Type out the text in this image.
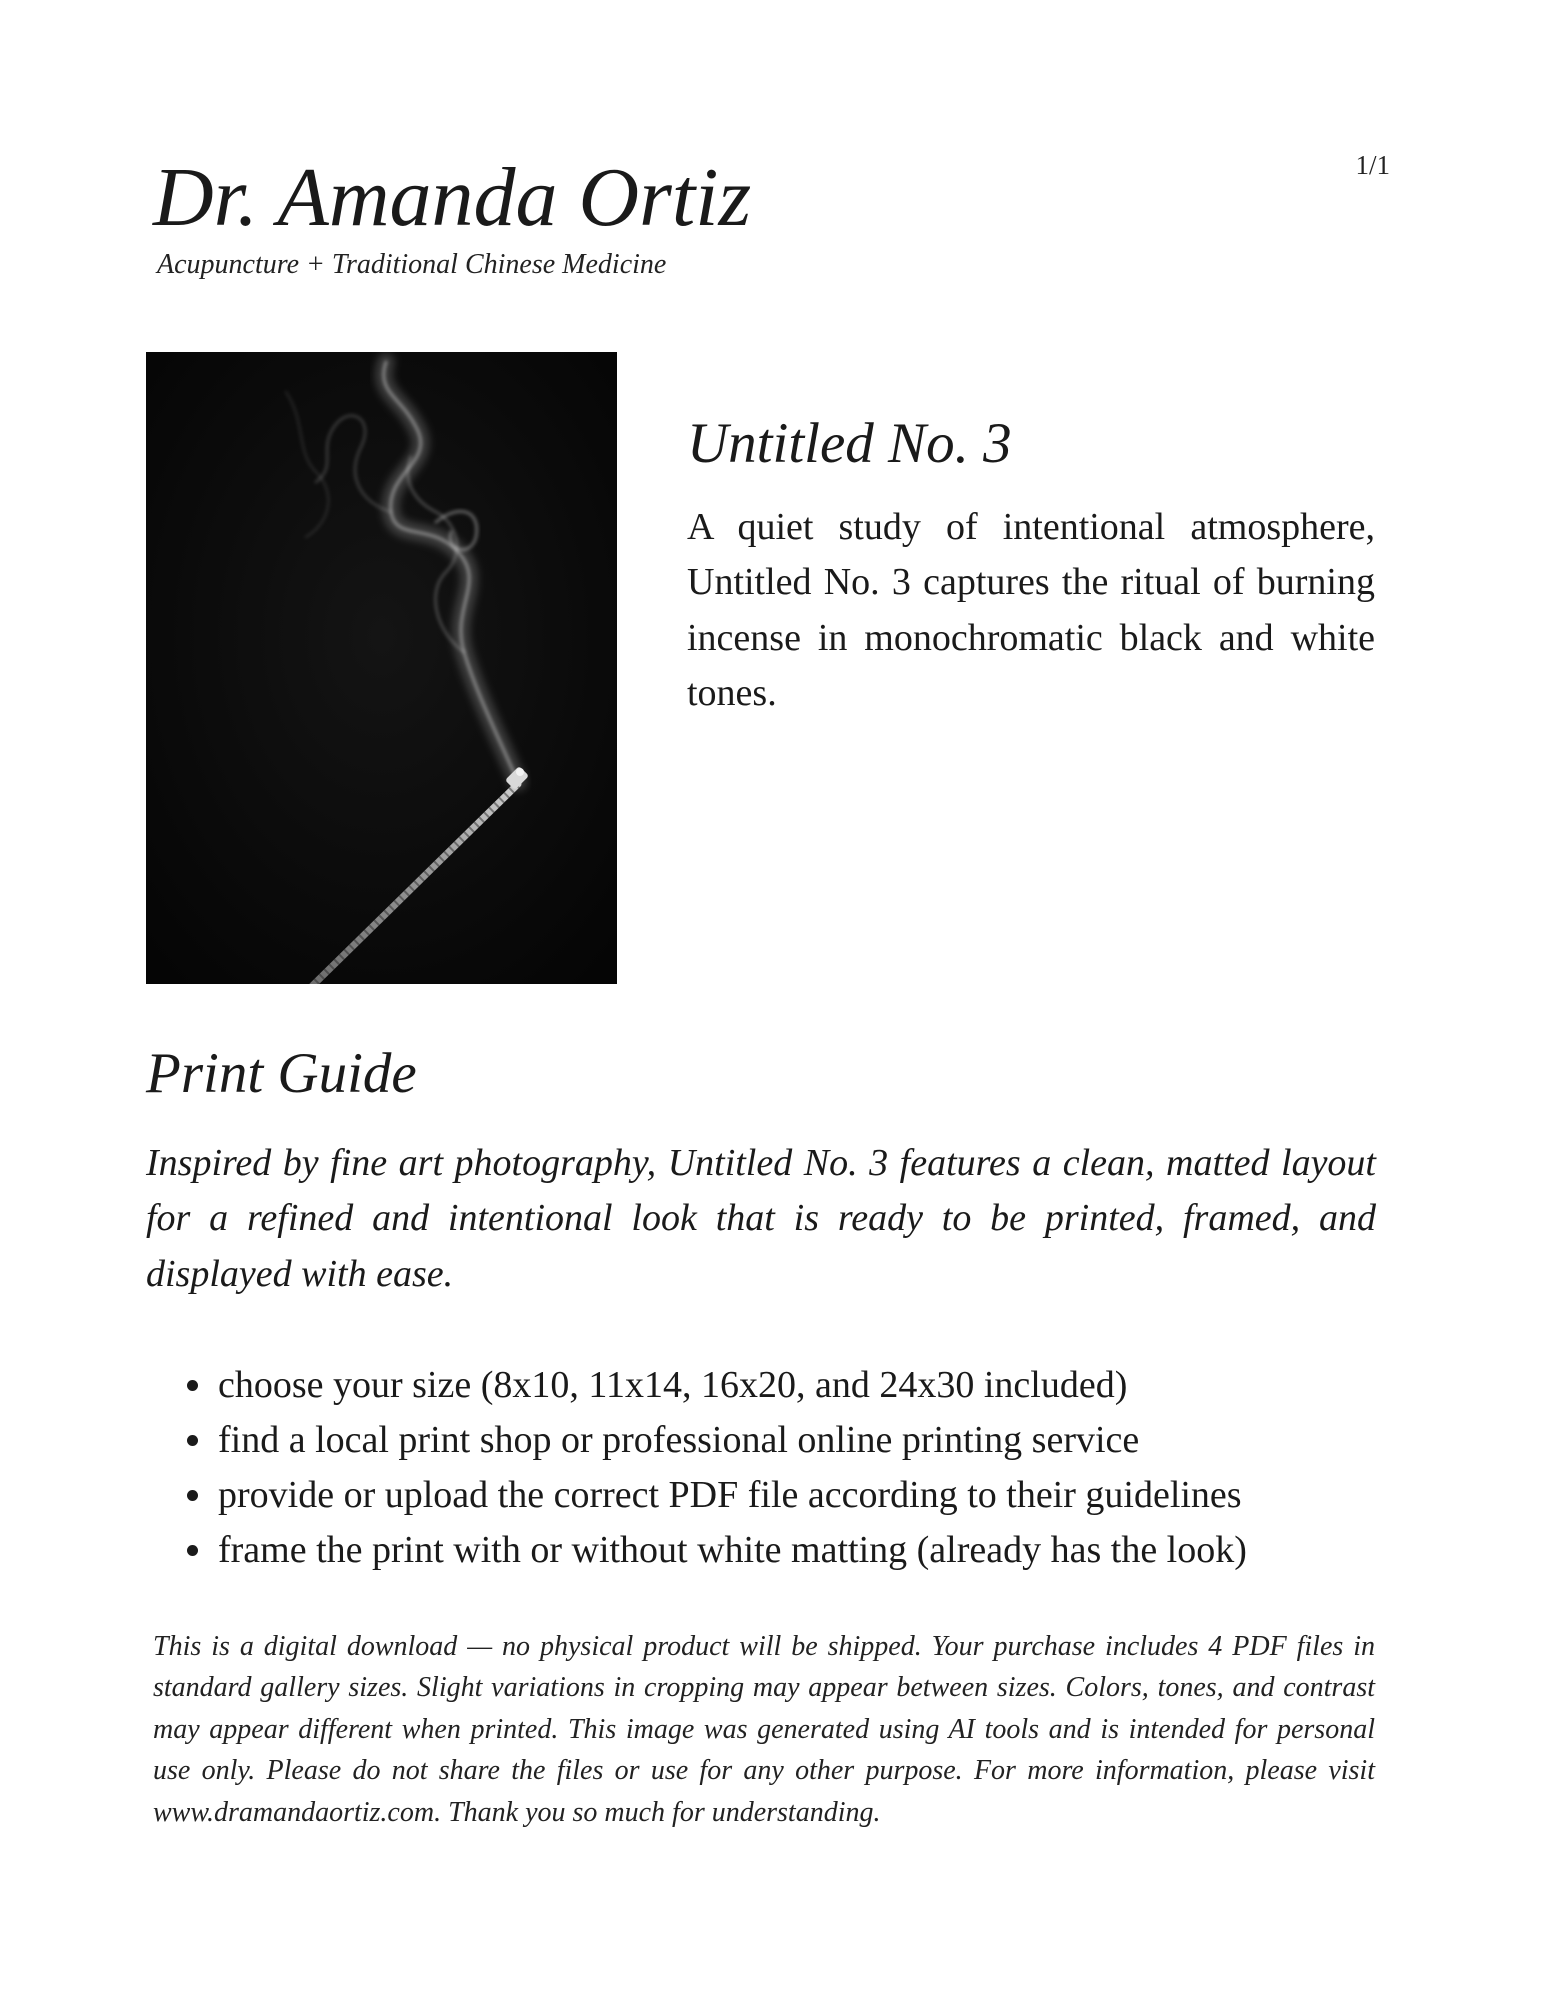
1/1
Dr. Amanda Ortiz
Acupuncture + Traditional Chinese Medicine
Untitled No. 3

A quiet study of intentional atmosphere, Untitled No. 3 captures the ritual of burning incense in monochromatic black and white tones.

Print Guide

Inspired by fine art photography, Untitled No. 3 features a clean, matted layout for a refined and intentional look that is ready to be printed, framed, and displayed with ease.

• choose your size (8x10, 11x14, 16x20, and 24x30 included)
• find a local print shop or professional online printing service
• provide or upload the correct PDF file according to their guidelines
• frame the print with or without white matting (already has the look)

This is a digital download — no physical product will be shipped. Your purchase includes 4 PDF files in standard gallery sizes. Slight variations in cropping may appear between sizes. Colors, tones, and contrast may appear different when printed. This image was generated using AI tools and is intended for personal use only. Please do not share the files or use for any other purpose. For more information, please visit www.dramandaortiz.com. Thank you so much for understanding.
